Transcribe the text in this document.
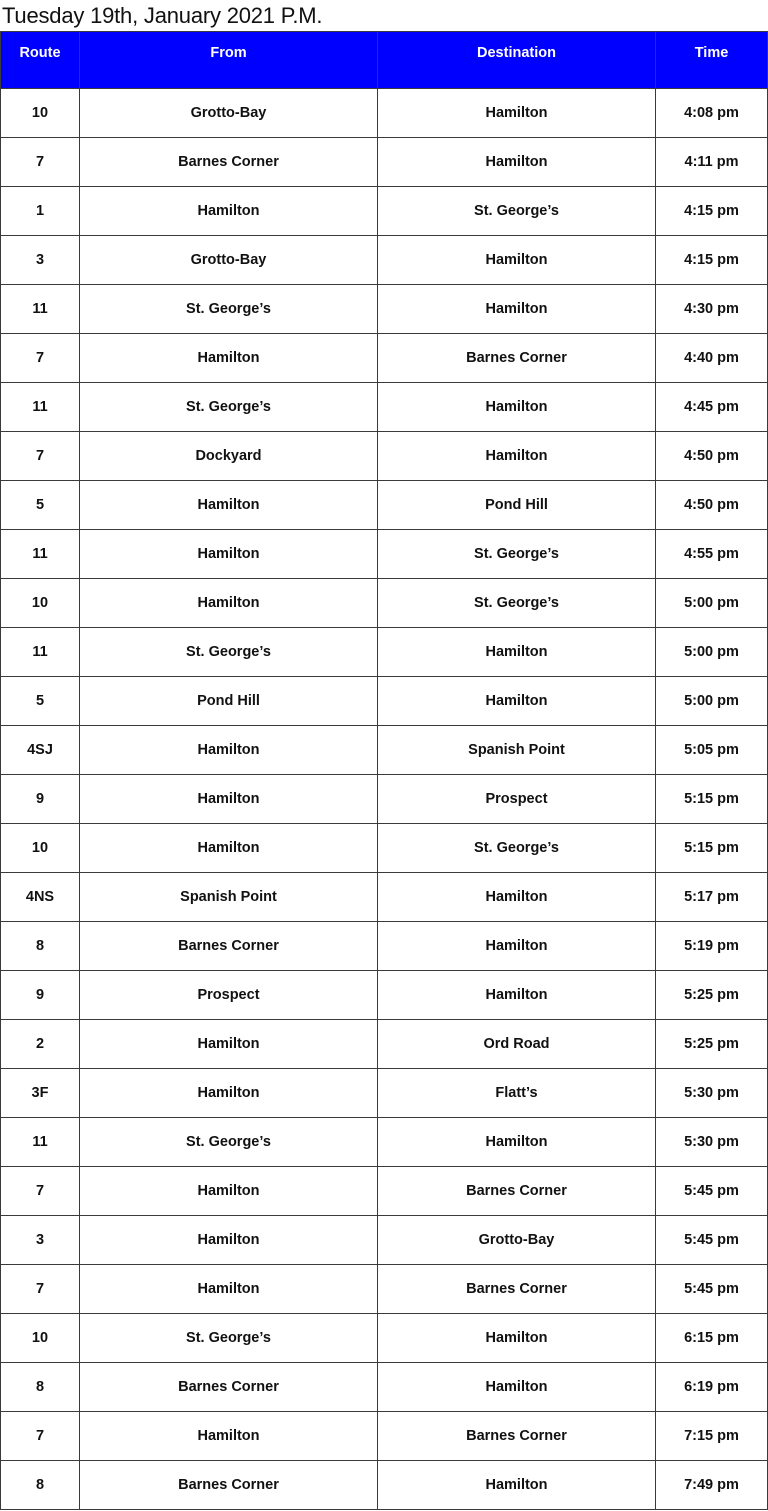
Tuesday 19th, January 2021 P.M.
Route	From	Destination	Time
10	Grotto-Bay	Hamilton	4:08 pm
7	Barnes Corner	Hamilton	4:11 pm
1	Hamilton	St. George’s	4:15 pm
3	Grotto-Bay	Hamilton	4:15 pm
11	St. George’s	Hamilton	4:30 pm
7	Hamilton	Barnes Corner	4:40 pm
11	St. George’s	Hamilton	4:45 pm
7	Dockyard	Hamilton	4:50 pm
5	Hamilton	Pond Hill	4:50 pm
11	Hamilton	St. George’s	4:55 pm
10	Hamilton	St. George’s	5:00 pm
11	St. George’s	Hamilton	5:00 pm
5	Pond Hill	Hamilton	5:00 pm
4SJ	Hamilton	Spanish Point	5:05 pm
9	Hamilton	Prospect	5:15 pm
10	Hamilton	St. George’s	5:15 pm
4NS	Spanish Point	Hamilton	5:17 pm
8	Barnes Corner	Hamilton	5:19 pm
9	Prospect	Hamilton	5:25 pm
2	Hamilton	Ord Road	5:25 pm
3F	Hamilton	Flatt’s	5:30 pm
11	St. George’s	Hamilton	5:30 pm
7	Hamilton	Barnes Corner	5:45 pm
3	Hamilton	Grotto-Bay	5:45 pm
7	Hamilton	Barnes Corner	5:45 pm
10	St. George’s	Hamilton	6:15 pm
8	Barnes Corner	Hamilton	6:19 pm
7	Hamilton	Barnes Corner	7:15 pm
8	Barnes Corner	Hamilton	7:49 pm
